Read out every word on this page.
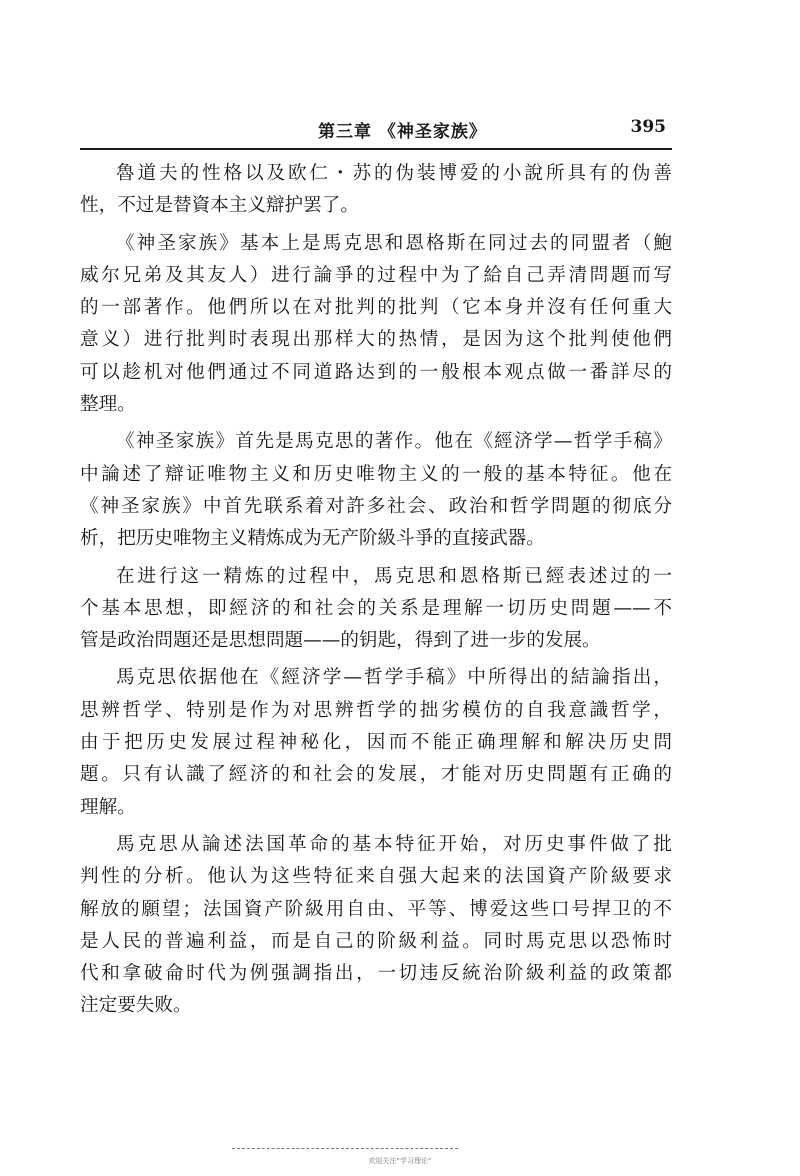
第三章 《神圣家族》	395
魯道夫的性格以及欧仁・苏的伪装博爱的小說所具有的伪善
性，不过是替資本主义辯护罢了。
《神圣家族》基本上是馬克思和恩格斯在同过去的同盟者（鮑
威尔兄弟及其友人）进行論爭的过程中为了給自己弄清問題而写
的一部著作。他們所以在对批判的批判（它本身并沒有任何重大
意义）进行批判时表現出那样大的热情，是因为这个批判使他們
可以趁机对他們通过不同道路达到的一般根本观点做一番詳尽的
整理。
《神圣家族》首先是馬克思的著作。他在《經济学—哲学手稿》
中論述了辯证唯物主义和历史唯物主义的一般的基本特征。他在
《神圣家族》中首先联系着对許多社会、政治和哲学問題的彻底分
析，把历史唯物主义精炼成为无产阶級斗爭的直接武器。
在进行这一精炼的过程中，馬克思和恩格斯已經表述过的一
个基本思想，即經济的和社会的关系是理解一切历史問題——不
管是政治問題还是思想問題——的钥匙，得到了进一步的发展。
馬克思依据他在《經济学—哲学手稿》中所得出的結論指出，
思辨哲学、特别是作为对思辨哲学的拙劣模仿的自我意識哲学，
由于把历史发展过程神秘化，因而不能正确理解和解决历史問
題。只有认識了經济的和社会的发展，才能对历史問題有正确的
理解。
馬克思从論述法国革命的基本特征开始，对历史事件做了批
判性的分析。他认为这些特征来自强大起来的法国資产阶級要求
解放的願望；法国資产阶級用自由、平等、博爱这些口号捍卫的不
是人民的普遍利益，而是自己的阶級利益。同时馬克思以恐怖时
代和拿破侖时代为例强調指出，一切违反統治阶級利益的政策都
注定要失败。
欢迎关注“学习理论”
